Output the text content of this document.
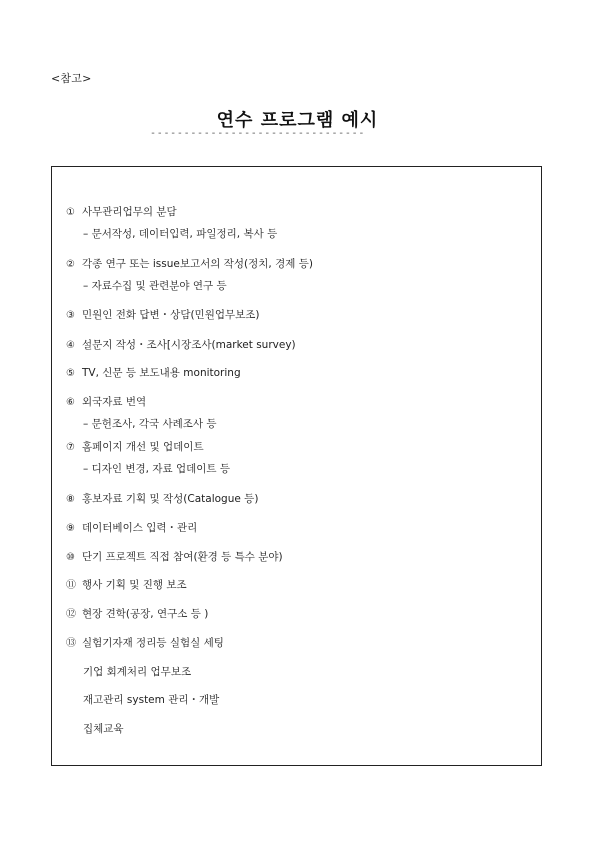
<참고>
연수 프로그램 예시
--------------------------------
① 사무관리업무의 분담
– 문서작성, 데이터입력, 파일정리, 복사 등
② 각종 연구 또는 issue보고서의 작성(정치, 경제 등)
– 자료수집 및 관련분야 연구 등
③ 민원인 전화 답변・상담(민원업무보조)
④ 설문지 작성・조사[시장조사(market survey)
⑤ TV, 신문 등 보도내용 monitoring
⑥ 외국자료 번역
– 문헌조사, 각국 사례조사 등
⑦ 홈페이지 개선 및 업데이트
– 디자인 변경, 자료 업데이트 등
⑧ 홍보자료 기획 및 작성(Catalogue 등)
⑨ 데이터베이스 입력・관리
⑩ 단기 프로젝트 직접 참여(환경 등 특수 분야)
⑪ 행사 기획 및 진행 보조
⑫ 현장 견학(공장, 연구소 등 )
⑬ 실험기자재 정리등 실험실 세팅
기업 회계처리 업무보조
재고관리 system 관리・개발
집체교육
